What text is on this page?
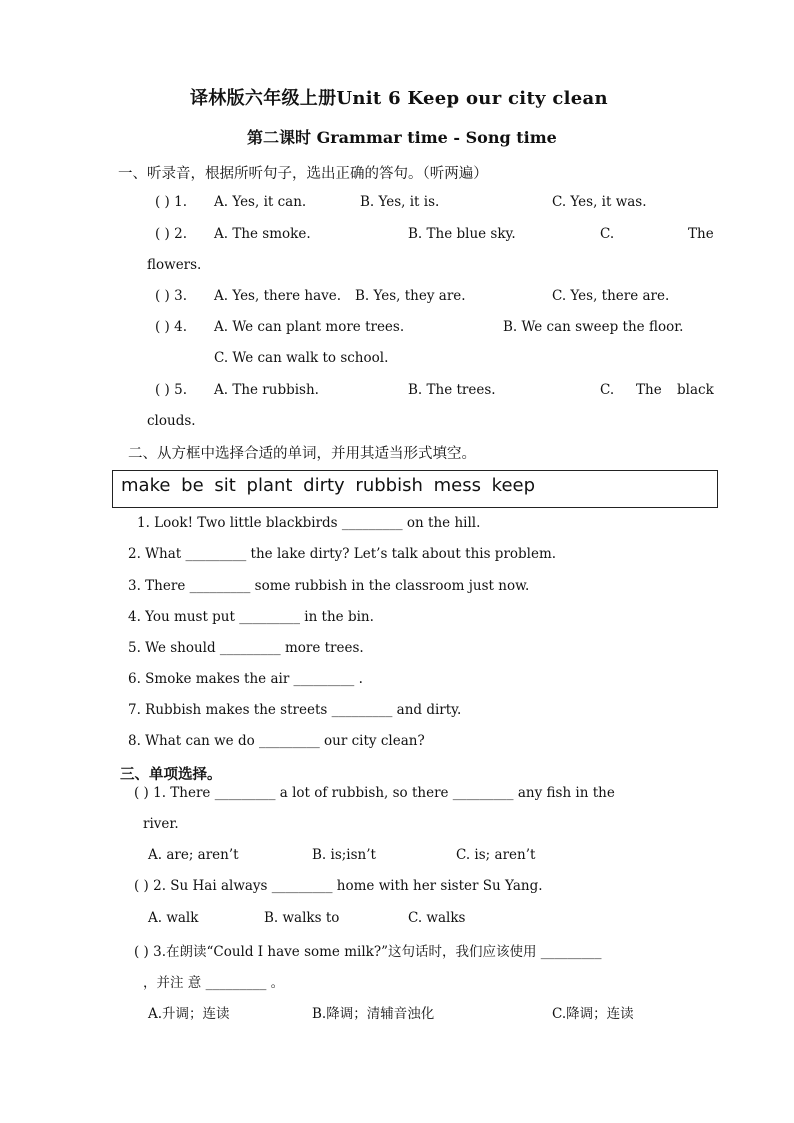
译林版六年级上册Unit 6 Keep our city clean
第二课时 Grammar time - Song time
一、听录音，根据所听句子，选出正确的答句。（听两遍）
( ) 1. A. Yes, it can.	B. Yes, it is.	C. Yes, it was.
( ) 2. A. The smoke.	B. The blue sky.	C.	The
flowers.
( ) 3. A. Yes, there have. B. Yes, they are.	C. Yes, there are.
( ) 4. A. We can plant more trees.	B. We can sweep the floor.
C. We can walk to school.
( ) 5. A. The rubbish.	B. The trees.	C. The black
clouds.
二、从方框中选择合适的单词，并用其适当形式填空。
make be sit plant dirty rubbish mess keep
1. Look! Two little blackbirds _________ on the hill.
2. What _________ the lake dirty? Let’s talk about this problem.
3. There _________ some rubbish in the classroom just now.
4. You must put _________ in the bin.
5. We should _________ more trees.
6. Smoke makes the air _________ .
7. Rubbish makes the streets _________ and dirty.
8. What can we do _________ our city clean?
三、单项选择。
( ) 1. There _________ a lot of rubbish, so there _________ any fish in the
river.
A. are; aren’t	B. is;isn’t	C. is; aren’t
( ) 2. Su Hai always _________ home with her sister Su Yang.
A. walk	B. walks to	C. walks
( ) 3.在朗读“Could I have some milk?”这句话时，我们应该使用 _________
，并注 意 _________ 。
A.升调；连读	B.降调；清辅音浊化	C.降调；连读
